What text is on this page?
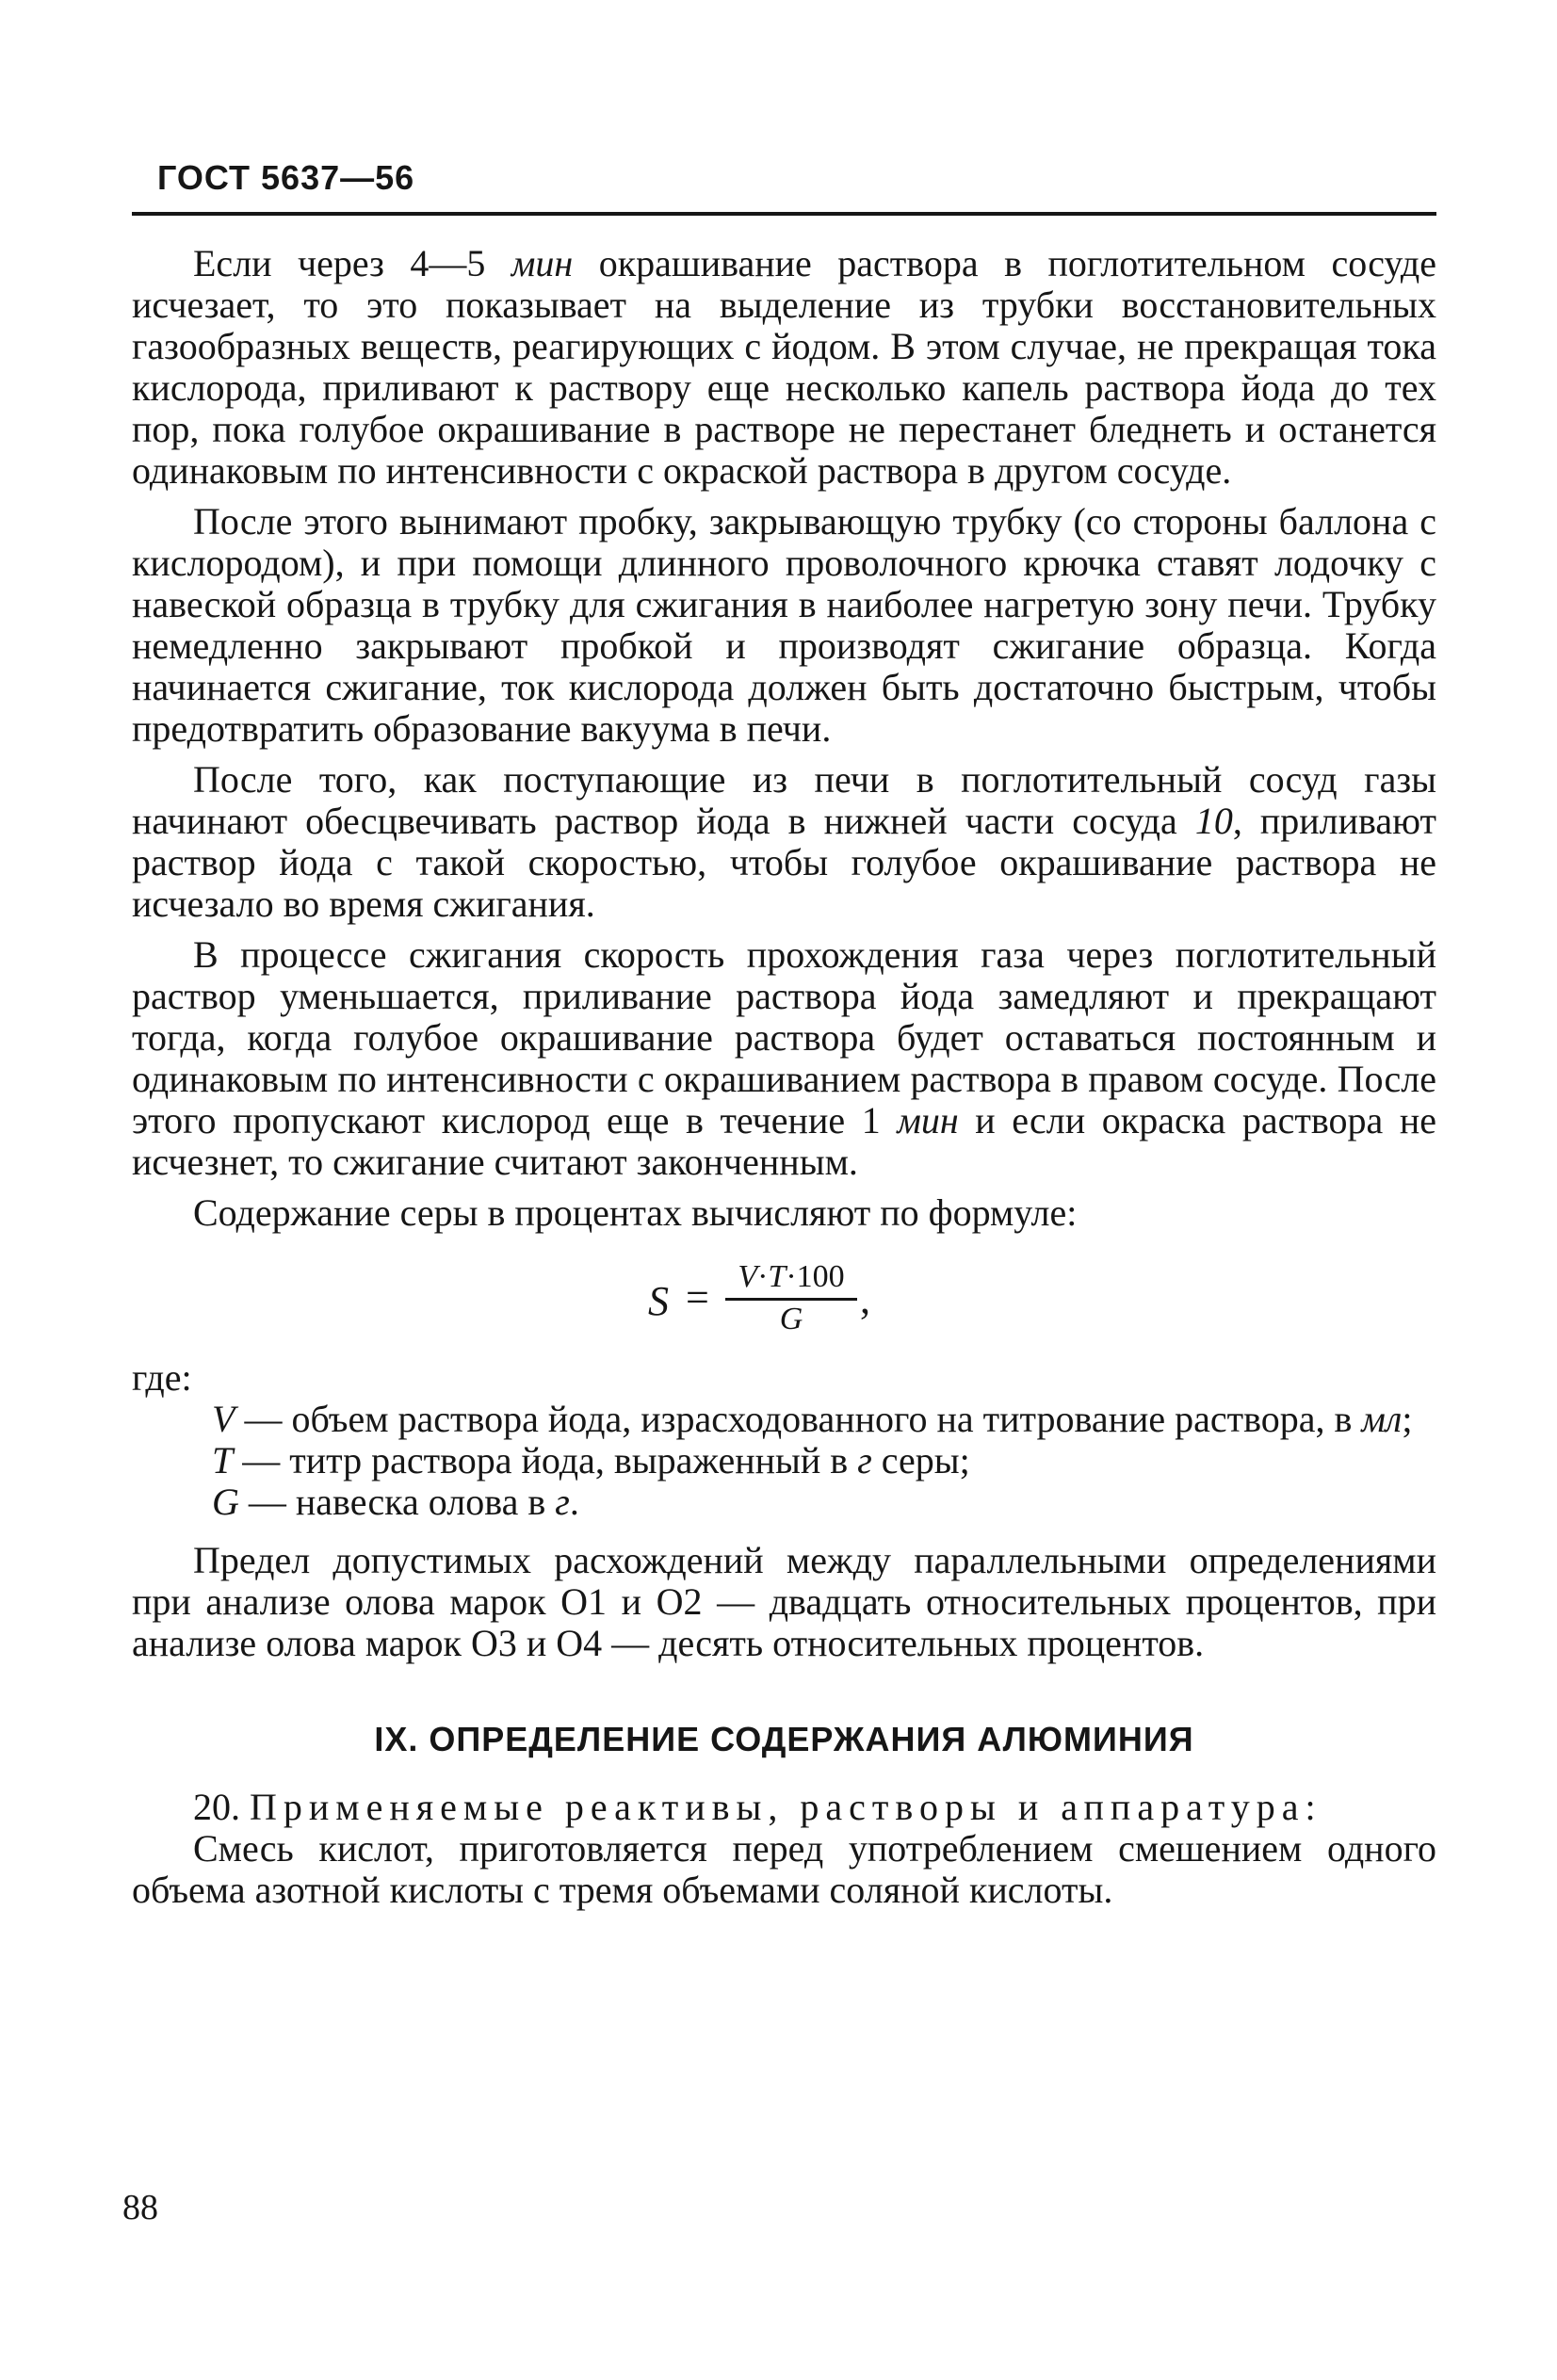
ГОСТ 5637—56

Если через 4—5 мин окрашивание раствора в поглотительном сосуде исчезает, то это показывает на выделение из трубки восстановительных газообразных веществ, реагирующих с йодом. В этом случае, не прекращая тока кислорода, приливают к раствору еще несколько капель раствора йода до тех пор, пока голубое окрашивание в растворе не перестанет бледнеть и останется одинаковым по интенсивности с окраской раствора в другом сосуде.

После этого вынимают пробку, закрывающую трубку (со стороны баллона с кислородом), и при помощи длинного проволочного крючка ставят лодочку с навеской образца в трубку для сжигания в наиболее нагретую зону печи. Трубку немедленно закрывают пробкой и производят сжигание образца. Когда начинается сжигание, ток кислорода должен быть достаточно быстрым, чтобы предотвратить образование вакуума в печи.

После того, как поступающие из печи в поглотительный сосуд газы начинают обесцвечивать раствор йода в нижней части сосуда 10, приливают раствор йода с такой скоростью, чтобы голубое окрашивание раствора не исчезало во время сжигания.

В процессе сжигания скорость прохождения газа через поглотительный раствор уменьшается, приливание раствора йода замедляют и прекращают тогда, когда голубое окрашивание раствора будет оставаться постоянным и одинаковым по интенсивности с окрашиванием раствора в правом сосуде. После этого пропускают кислород еще в течение 1 мин и если окраска раствора не исчезнет, то сжигание считают законченным.

Содержание серы в процентах вычисляют по формуле:

$S = \frac{V\cdot T\cdot 100}{G}$ ,

где:

V — объем раствора йода, израсходованного на титрование раствора, в мл;
T — титр раствора йода, выраженный в г серы;
G — навеска олова в г.

Предел допустимых расхождений между параллельными определениями при анализе олова марок О1 и О2 — двадцать относительных процентов, при анализе олова марок О3 и О4 — десять относительных процентов.

IX. ОПРЕДЕЛЕНИЕ СОДЕРЖАНИЯ АЛЮМИНИЯ

20. Применяемые реактивы, растворы и аппаратура:

Смесь кислот, приготовляется перед употреблением смешением одного объема азотной кислоты с тремя объемами соляной кислоты.

88
